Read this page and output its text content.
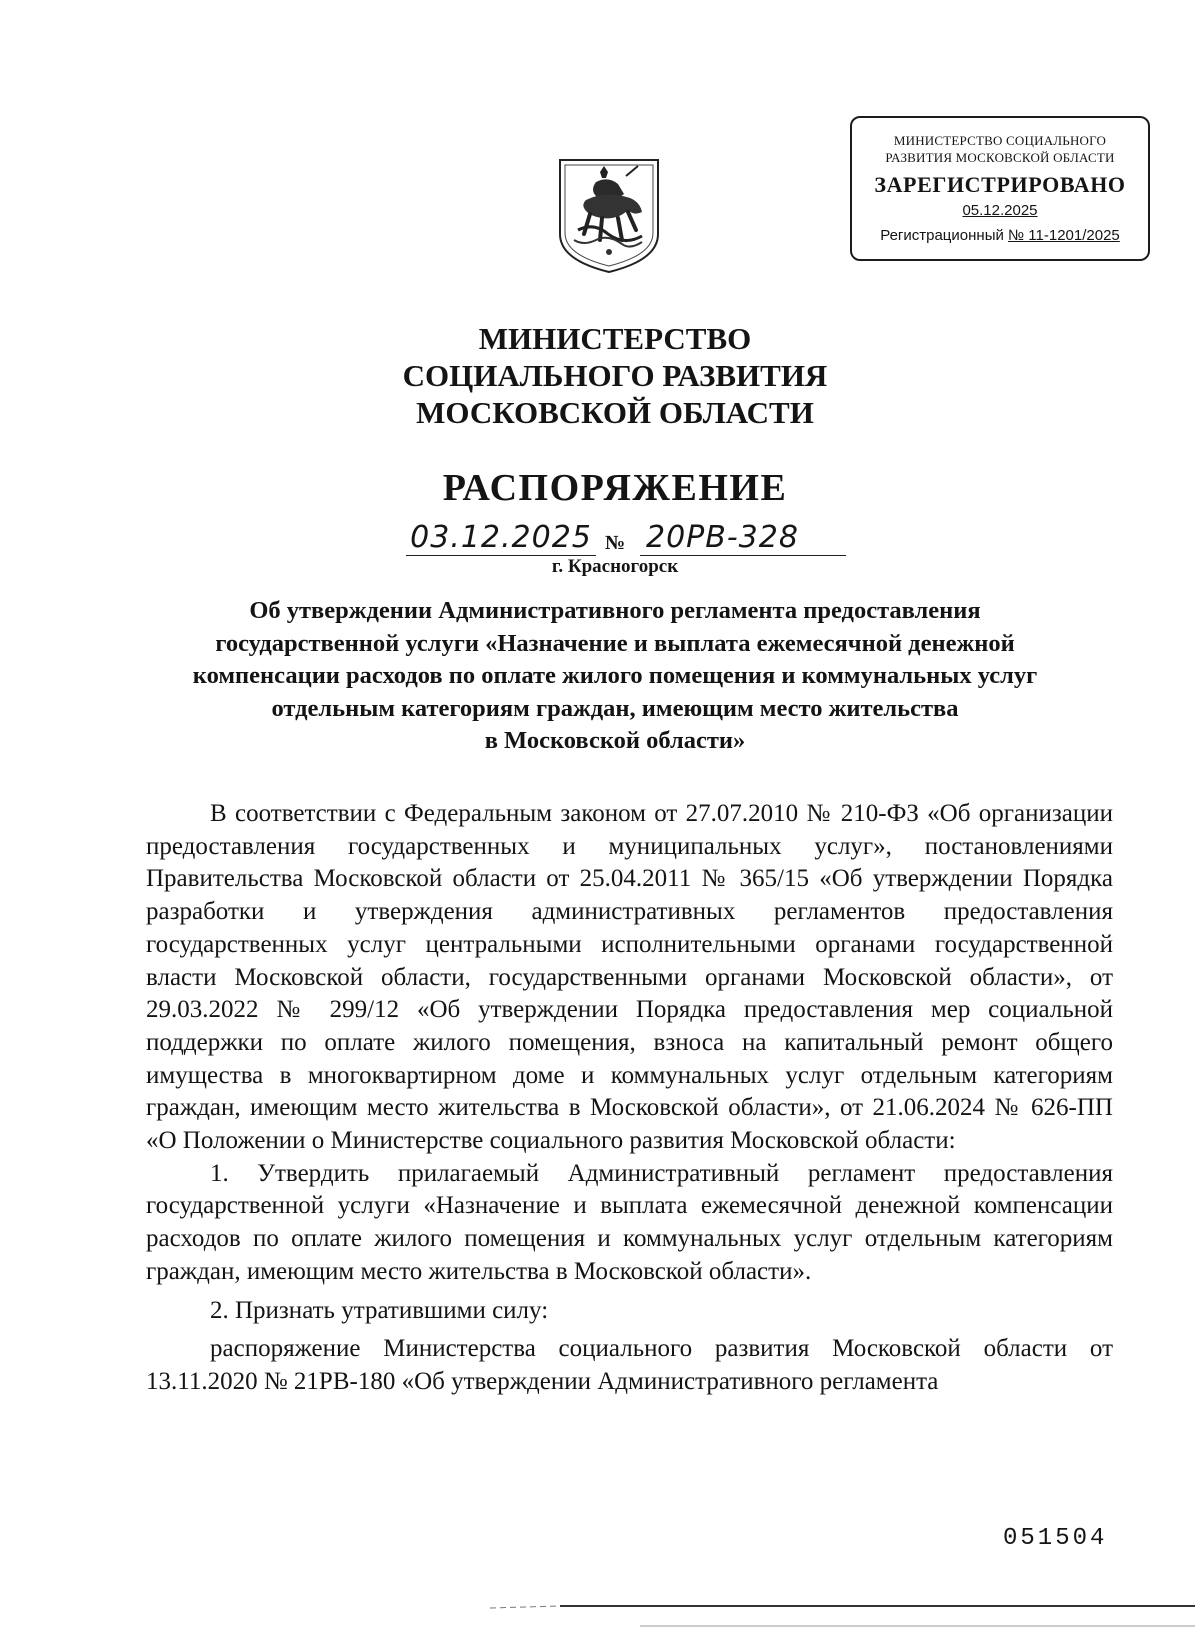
МИНИСТЕРСТВО СОЦИАЛЬНОГО
РАЗВИТИЯ МОСКОВСКОЙ ОБЛАСТИ
ЗАРЕГИСТРИРОВАНО
05.12.2025
Регистрационный № 11-1201/2025
МИНИСТЕРСТВО
СОЦИАЛЬНОГО РАЗВИТИЯ
МОСКОВСКОЙ ОБЛАСТИ
РАСПОРЯЖЕНИЕ
03.12.2025 № 20РВ-328
г. Красногорск
Об утверждении Административного регламента предоставления
государственной услуги «Назначение и выплата ежемесячной денежной
компенсации расходов по оплате жилого помещения и коммунальных услуг
отдельным категориям граждан, имеющим место жительства
в Московской области»

В соответствии с Федеральным законом от 27.07.2010 № 210-ФЗ «Об организации предоставления государственных и муниципальных услуг», постановлениями Правительства Московской области от 25.04.2011 № 365/15 «Об утверждении Порядка разработки и утверждения административных регламентов предоставления государственных услуг центральными исполнительными органами государственной власти Московской области, государственными органами Московской области», от 29.03.2022 № 299/12 «Об утверждении Порядка предоставления мер социальной поддержки по оплате жилого помещения, взноса на капитальный ремонт общего имущества в многоквартирном доме и коммунальных услуг отдельным категориям граждан, имеющим место жительства в Московской области», от 21.06.2024 № 626-ПП «О Положении о Министерстве социального развития Московской области:

1. Утвердить прилагаемый Административный регламент предоставления государственной услуги «Назначение и выплата ежемесячной денежной компенсации расходов по оплате жилого помещения и коммунальных услуг отдельным категориям граждан, имеющим место жительства в Московской области».

2. Признать утратившими силу:

распоряжение Министерства социального развития Московской области от 13.11.2020 № 21РВ-180 «Об утверждении Административного регламента

051504
